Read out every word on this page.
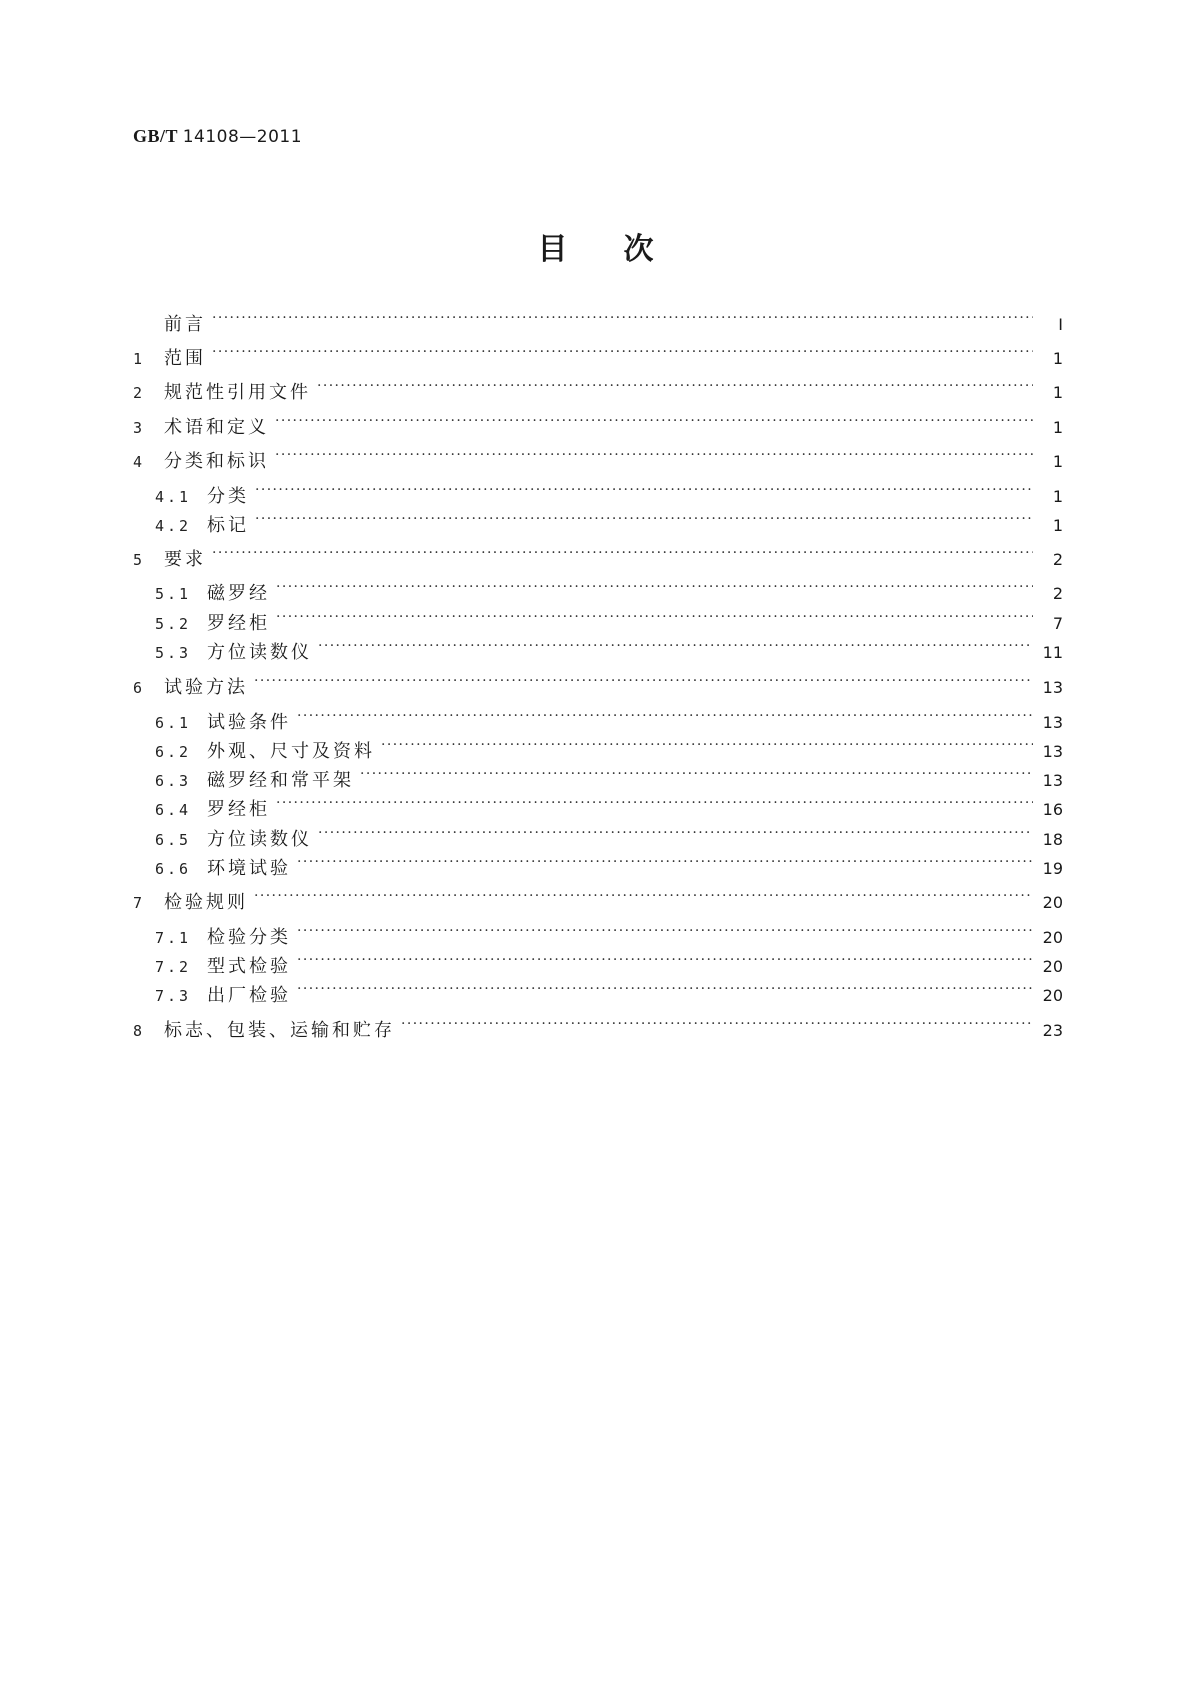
GB/T 14108—2011
目次
前言 ·····	Ⅰ
1	范围 ·····	1
2	规范性引用文件 ·····	1
3	术语和定义 ·····	1
4	分类和标识 ·····	1
4.1 分类 ·····	1
4.2 标记 ·····	1
5	要求 ·····	2
5.1 磁罗经 ·····	2
5.2 罗经柜 ·····	7
5.3 方位读数仪 ·····	11
6	试验方法 ·····	13
6.1 试验条件 ·····	13
6.2 外观、尺寸及资料 ·····	13
6.3 磁罗经和常平架 ·····	13
6.4 罗经柜 ·····	16
6.5 方位读数仪 ·····	18
6.6 环境试验 ·····	19
7	检验规则 ·····	20
7.1 检验分类 ·····	20
7.2 型式检验 ·····	20
7.3 出厂检验 ·····	20
8	标志、包装、运输和贮存 ·····	23
